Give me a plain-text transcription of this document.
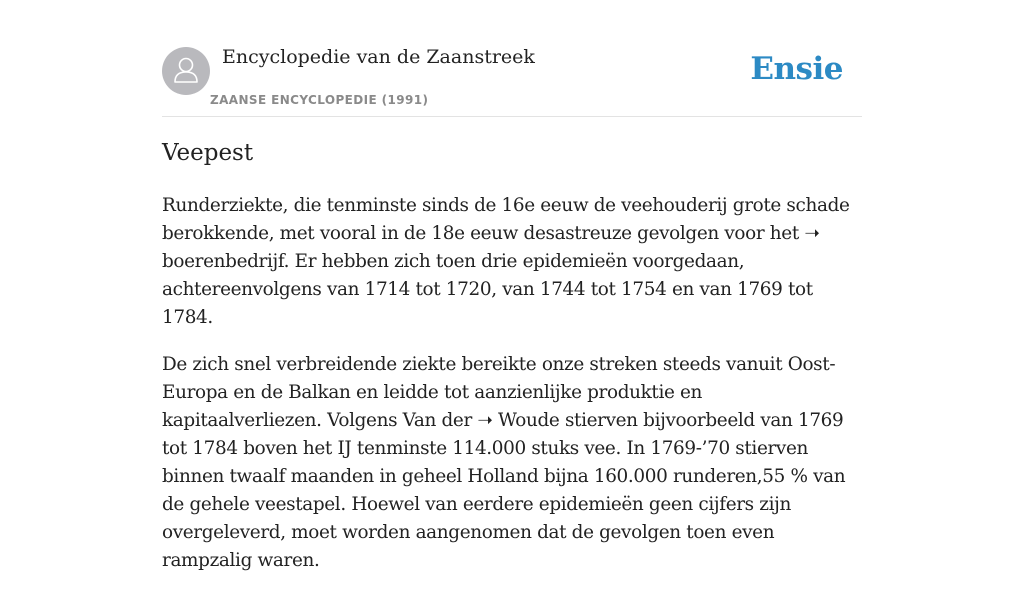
Encyclopedie van de Zaanstreek
ZAANSE ENCYCLOPEDIE (1991)
Ensie
Veepest

Runderziekte, die tenminste sinds de 16e eeuw de veehouderij grote schade berokkende, met vooral in de 18e eeuw desastreuze gevolgen voor het ➝ boerenbedrijf. Er hebben zich toen drie epidemieën voorgedaan, achtereenvolgens van 1714 tot 1720, van 1744 tot 1754 en van 1769 tot 1784.

De zich snel verbreidende ziekte bereikte onze streken steeds vanuit Oost-Europa en de Balkan en leidde tot aanzienlijke produktie en kapitaalverliezen. Volgens Van der ➝ Woude stierven bijvoorbeeld van 1769 tot 1784 boven het IJ tenminste 114.000 stuks vee. In 1769-’70 stierven binnen twaalf maanden in geheel Holland bijna 160.000 runderen,55 % van de gehele veestapel. Hoewel van eerdere epidemieën geen cijfers zijn overgeleverd, moet worden aangenomen dat de gevolgen toen even rampzalig waren.
